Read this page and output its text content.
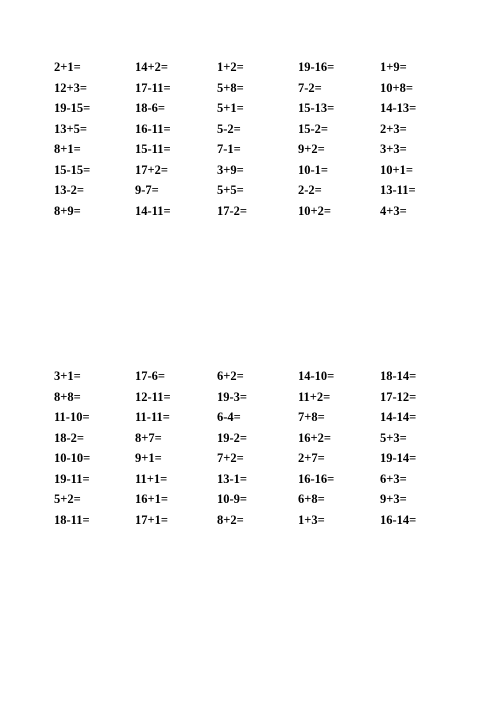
2+1=	14+2=	1+2=	19-16=	1+9=
12+3=	17-11=	5+8=	7-2=	10+8=
19-15=	18-6=	5+1=	15-13=	14-13=
13+5=	16-11=	5-2=	15-2=	2+3=
8+1=	15-11=	7-1=	9+2=	3+3=
15-15=	17+2=	3+9=	10-1=	10+1=
13-2=	9-7=	5+5=	2-2=	13-11=
8+9=	14-11=	17-2=	10+2=	4+3=
3+1=	17-6=	6+2=	14-10=	18-14=
8+8=	12-11=	19-3=	11+2=	17-12=
11-10=	11-11=	6-4=	7+8=	14-14=
18-2=	8+7=	19-2=	16+2=	5+3=
10-10=	9+1=	7+2=	2+7=	19-14=
19-11=	11+1=	13-1=	16-16=	6+3=
5+2=	16+1=	10-9=	6+8=	9+3=
18-11=	17+1=	8+2=	1+3=	16-14=
